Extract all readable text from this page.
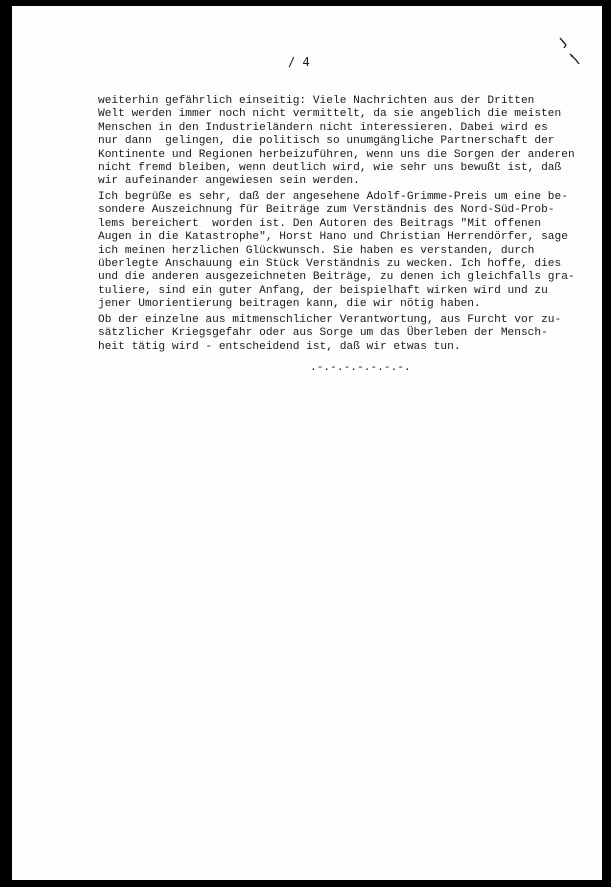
/ 4

weiterhin gefährlich einseitig: Viele Nachrichten aus der Dritten
Welt werden immer noch nicht vermittelt, da sie angeblich die meisten
Menschen in den Industrieländern nicht interessieren. Dabei wird es
nur dann  gelingen, die politisch so unumgängliche Partnerschaft der
Kontinente und Regionen herbeizuführen, wenn uns die Sorgen der anderen
nicht fremd bleiben, wenn deutlich wird, wie sehr uns bewußt ist, daß
wir aufeinander angewiesen sein werden.
Ich begrüße es sehr, daß der angesehene Adolf-Grimme-Preis um eine be-
sondere Auszeichnung für Beiträge zum Verständnis des Nord-Süd-Prob-
lems bereichert  worden ist. Den Autoren des Beitrags "Mit offenen
Augen in die Katastrophe", Horst Hano und Christian Herrendörfer, sage
ich meinen herzlichen Glückwunsch. Sie haben es verstanden, durch
überlegte Anschauung ein Stück Verständnis zu wecken. Ich hoffe, dies
und die anderen ausgezeichneten Beiträge, zu denen ich gleichfalls gra-
tuliere, sind ein guter Anfang, der beispielhaft wirken wird und zu
jener Umorientierung beitragen kann, die wir nötig haben.
Ob der einzelne aus mitmenschlicher Verantwortung, aus Furcht vor zu-
sätzlicher Kriegsgefahr oder aus Sorge um das Überleben der Mensch-
heit tätig wird - entscheidend ist, daß wir etwas tun.

.-.-.-.-.-.-.-.
